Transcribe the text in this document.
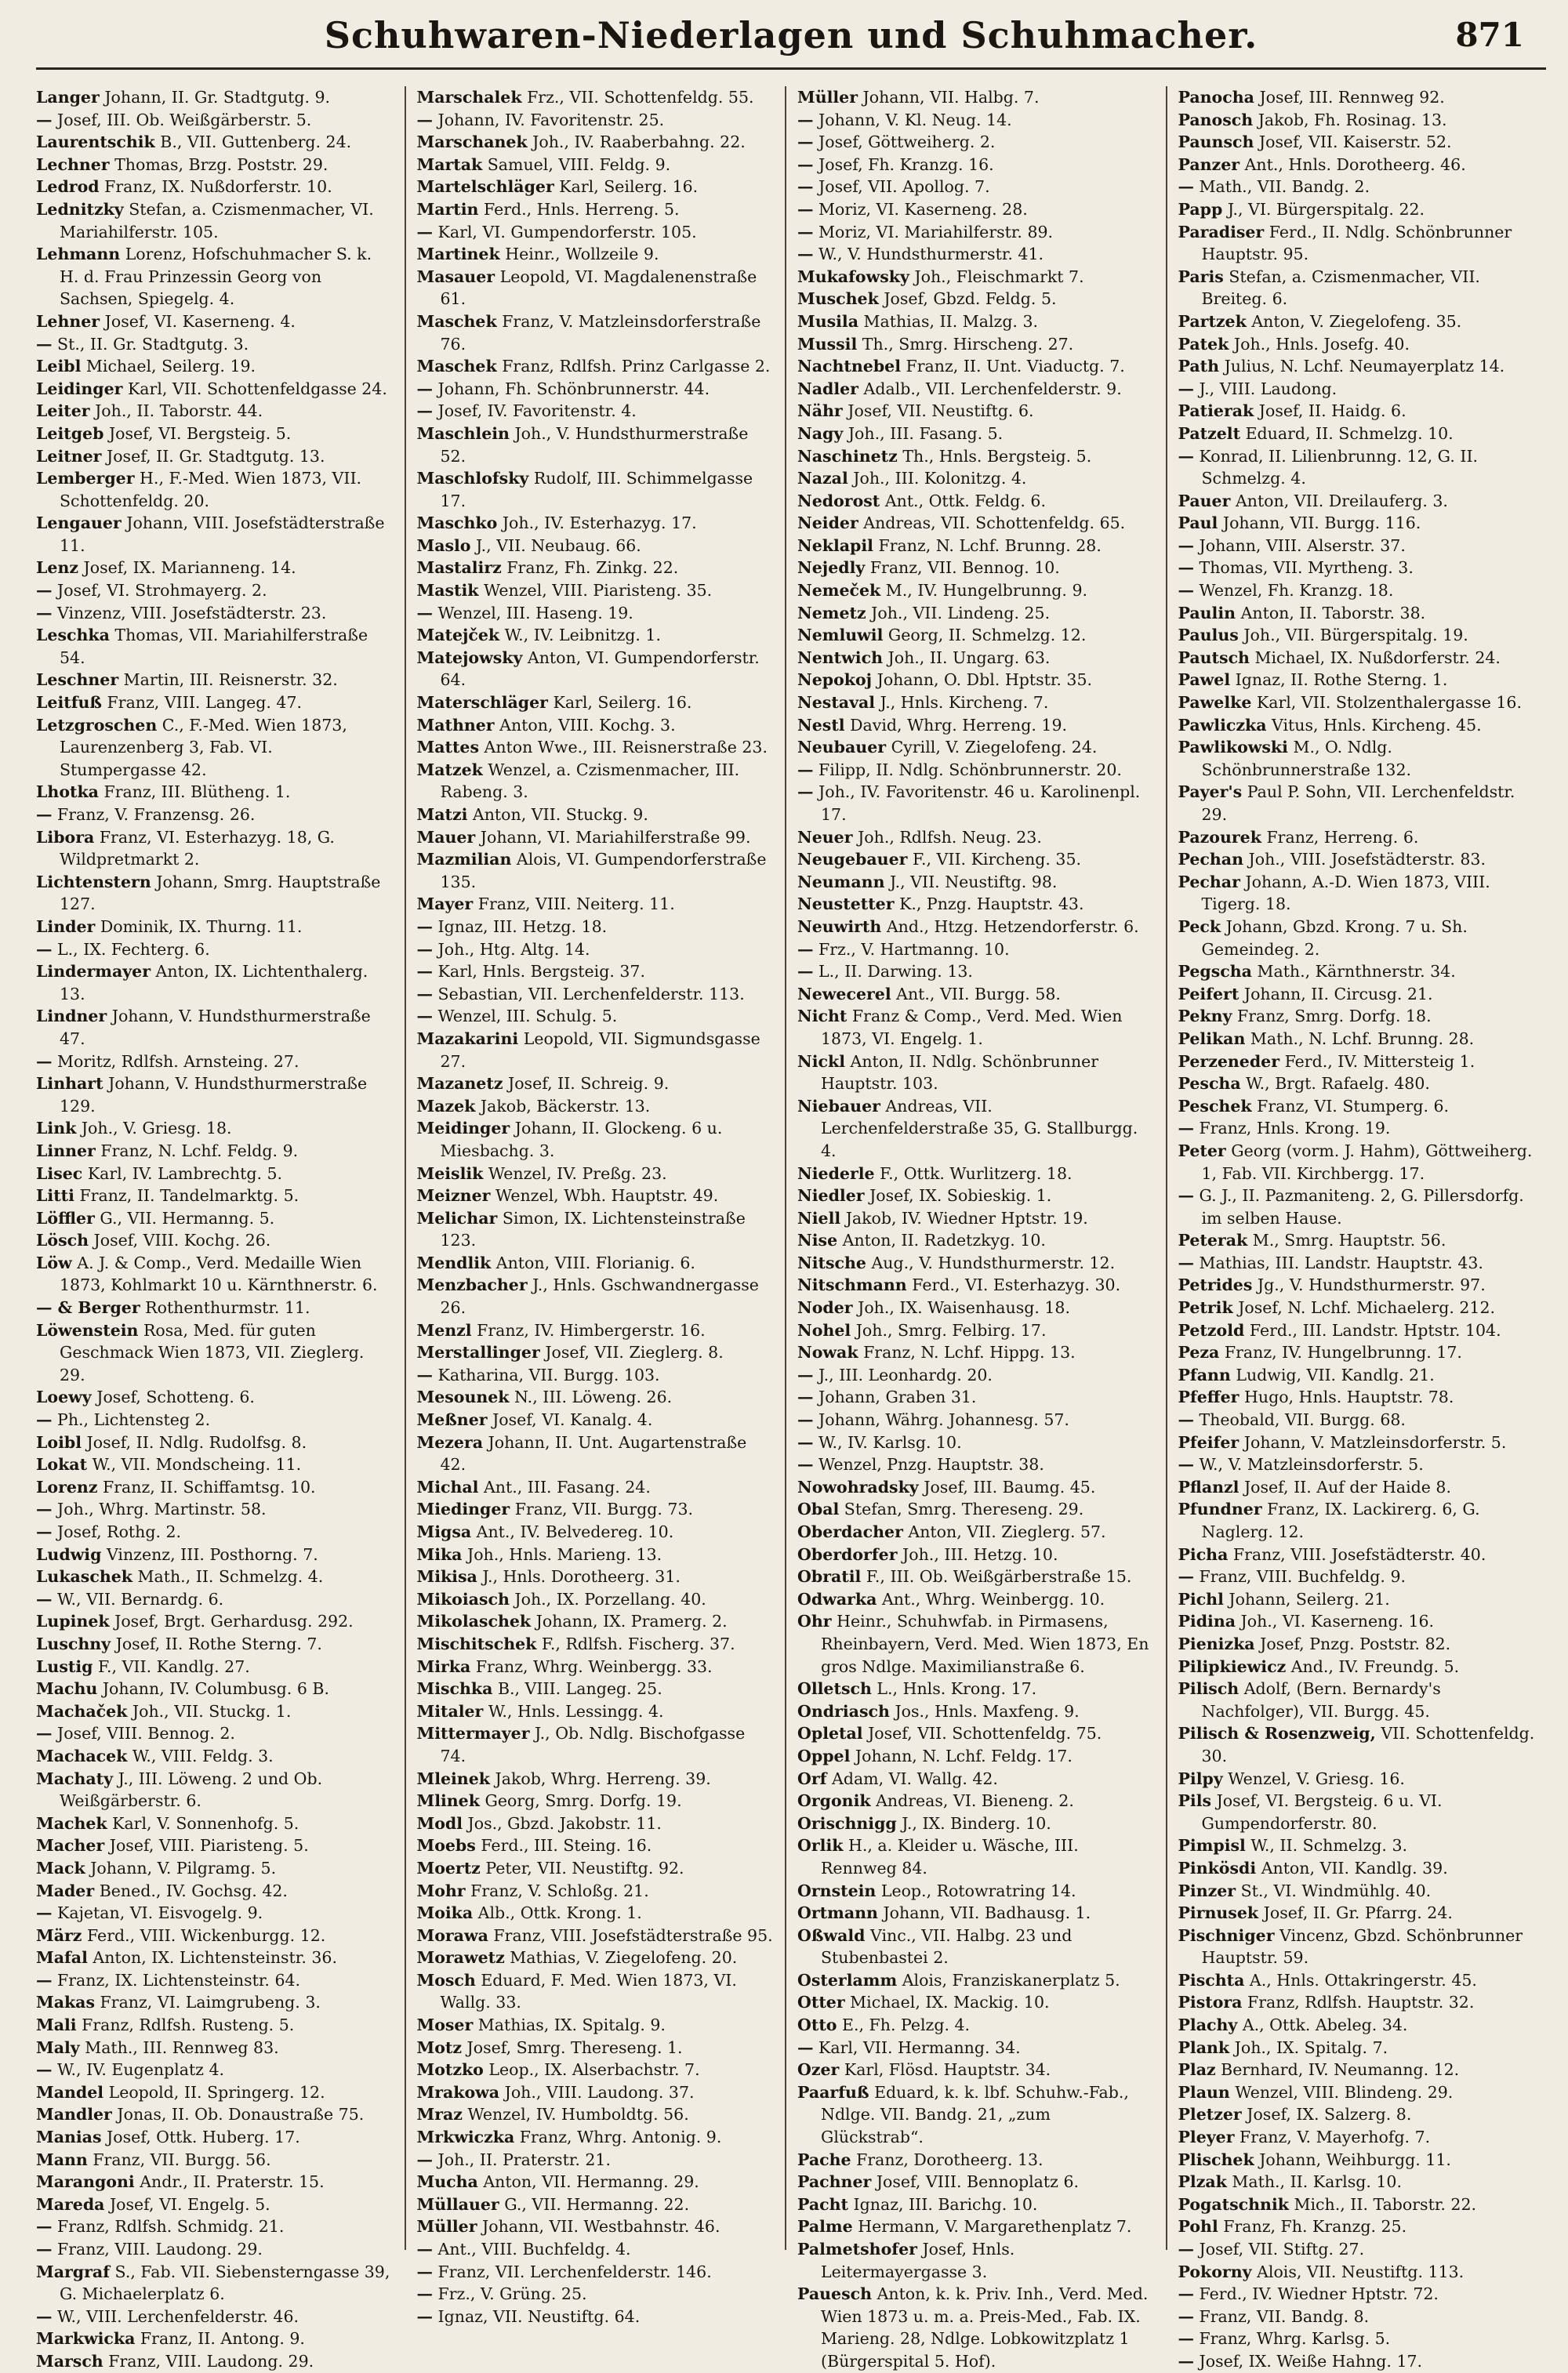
Schuhwaren-Niederlagen und Schuhmacher.	871
Langer Johann, II. Gr. Stadtgutg. 9.
— Josef, III. Ob. Weißgärberstr. 5.
Laurentschik B., VII. Guttenberg. 24.
Lechner Thomas, Brzg. Poststr. 29.
Ledrod Franz, IX. Nußdorferstr. 10.
Lednitzky Stefan, a. Czismenmacher, VI. Mariahilferstr. 105.
Lehmann Lorenz, Hofschuhmacher S. k. H. d. Frau Prinzessin Georg von Sachsen, Spiegelg. 4.
Lehner Josef, VI. Kaserneng. 4.
— St., II. Gr. Stadtgutg. 3.
Leibl Michael, Seilerg. 19.
Leidinger Karl, VII. Schottenfeldgasse 24.
Leiter Joh., II. Taborstr. 44.
Leitgeb Josef, VI. Bergsteig. 5.
Leitner Josef, II. Gr. Stadtgutg. 13.
Lemberger H., F.-Med. Wien 1873, VII. Schottenfeldg. 20.
Lengauer Johann, VIII. Josefstädterstraße 11.
Lenz Josef, IX. Marianneng. 14.
— Josef, VI. Strohmayerg. 2.
— Vinzenz, VIII. Josefstädterstr. 23.
Leschka Thomas, VII. Mariahilferstraße 54.
Leschner Martin, III. Reisnerstr. 32.
Leitfuß Franz, VIII. Langeg. 47.
Letzgroschen C., F.-Med. Wien 1873, Laurenzenberg 3, Fab. VI. Stumpergasse 42.
Lhotka Franz, III. Blütheng. 1.
— Franz, V. Franzensg. 26.
Libora Franz, VI. Esterhazyg. 18, G. Wildpretmarkt 2.
Lichtenstern Johann, Smrg. Hauptstraße 127.
Linder Dominik, IX. Thurng. 11.
— L., IX. Fechterg. 6.
Lindermayer Anton, IX. Lichtenthalerg. 13.
Lindner Johann, V. Hundsthurmerstraße 47.
— Moritz, Rdlfsh. Arnsteing. 27.
Linhart Johann, V. Hundsthurmerstraße 129.
Link Joh., V. Griesg. 18.
Linner Franz, N. Lchf. Feldg. 9.
Lisec Karl, IV. Lambrechtg. 5.
Litti Franz, II. Tandelmarktg. 5.
Löffler G., VII. Hermanng. 5.
Lösch Josef, VIII. Kochg. 26.
Löw A. J. & Comp., Verd. Medaille Wien 1873, Kohlmarkt 10 u. Kärnthnerstr. 6.
— & Berger Rothenthurmstr. 11.
Löwenstein Rosa, Med. für guten Geschmack Wien 1873, VII. Zieglerg. 29.
Loewy Josef, Schotteng. 6.
— Ph., Lichtensteg 2.
Loibl Josef, II. Ndlg. Rudolfsg. 8.
Lokat W., VII. Mondscheing. 11.
Lorenz Franz, II. Schiffamtsg. 10.
— Joh., Whrg. Martinstr. 58.
— Josef, Rothg. 2.
Ludwig Vinzenz, III. Posthorng. 7.
Lukaschek Math., II. Schmelzg. 4.
— W., VII. Bernardg. 6.
Lupinek Josef, Brgt. Gerhardusg. 292.
Luschny Josef, II. Rothe Sterng. 7.
Lustig F., VII. Kandlg. 27.
Machu Johann, IV. Columbusg. 6 B.
Machaček Joh., VII. Stuckg. 1.
— Josef, VIII. Bennog. 2.
Machacek W., VIII. Feldg. 3.
Machaty J., III. Löweng. 2 und Ob. Weißgärberstr. 6.
Machek Karl, V. Sonnenhofg. 5.
Macher Josef, VIII. Piaristeng. 5.
Mack Johann, V. Pilgramg. 5.
Mader Bened., IV. Gochsg. 42.
— Kajetan, VI. Eisvogelg. 9.
März Ferd., VIII. Wickenburgg. 12.
Mafal Anton, IX. Lichtensteinstr. 36.
— Franz, IX. Lichtensteinstr. 64.
Makas Franz, VI. Laimgrubeng. 3.
Mali Franz, Rdlfsh. Rusteng. 5.
Maly Math., III. Rennweg 83.
— W., IV. Eugenplatz 4.
Mandel Leopold, II. Springerg. 12.
Mandler Jonas, II. Ob. Donaustraße 75.
Manias Josef, Ottk. Huberg. 17.
Mann Franz, VII. Burgg. 56.
Marangoni Andr., II. Praterstr. 15.
Mareda Josef, VI. Engelg. 5.
— Franz, Rdlfsh. Schmidg. 21.
— Franz, VIII. Laudong. 29.
Margraf S., Fab. VII. Siebensterngasse 39, G. Michaelerplatz 6.
— W., VIII. Lerchenfelderstr. 46.
Markwicka Franz, II. Antong. 9.
Marsch Franz, VIII. Laudong. 29.
Marschalek Frz., VII. Schottenfeldg. 55.
— Johann, IV. Favoritenstr. 25.
Marschanek Joh., IV. Raaberbahng. 22.
Martak Samuel, VIII. Feldg. 9.
Martelschläger Karl, Seilerg. 16.
Martin Ferd., Hnls. Herreng. 5.
— Karl, VI. Gumpendorferstr. 105.
Martinek Heinr., Wollzeile 9.
Masauer Leopold, VI. Magdalenenstraße 61.
Maschek Franz, V. Matzleinsdorferstraße 76.
Maschek Franz, Rdlfsh. Prinz Carlgasse 2.
— Johann, Fh. Schönbrunnerstr. 44.
— Josef, IV. Favoritenstr. 4.
Maschlein Joh., V. Hundsthurmerstraße 52.
Maschlofsky Rudolf, III. Schimmelgasse 17.
Maschko Joh., IV. Esterhazyg. 17.
Maslo J., VII. Neubaug. 66.
Mastalirz Franz, Fh. Zinkg. 22.
Mastik Wenzel, VIII. Piaristeng. 35.
— Wenzel, III. Haseng. 19.
Matejček W., IV. Leibnitzg. 1.
Matejowsky Anton, VI. Gumpendorferstr. 64.
Materschläger Karl, Seilerg. 16.
Mathner Anton, VIII. Kochg. 3.
Mattes Anton Wwe., III. Reisnerstraße 23.
Matzek Wenzel, a. Czismenmacher, III. Rabeng. 3.
Matzi Anton, VII. Stuckg. 9.
Mauer Johann, VI. Mariahilferstraße 99.
Mazmilian Alois, VI. Gumpendorferstraße 135.
Mayer Franz, VIII. Neiterg. 11.
— Ignaz, III. Hetzg. 18.
— Joh., Htg. Altg. 14.
— Karl, Hnls. Bergsteig. 37.
— Sebastian, VII. Lerchenfelderstr. 113.
— Wenzel, III. Schulg. 5.
Mazakarini Leopold, VII. Sigmundsgasse 27.
Mazanetz Josef, II. Schreig. 9.
Mazek Jakob, Bäckerstr. 13.
Meidinger Johann, II. Glockeng. 6 u. Miesbachg. 3.
Meislik Wenzel, IV. Preßg. 23.
Meizner Wenzel, Wbh. Hauptstr. 49.
Melichar Simon, IX. Lichtensteinstraße 123.
Mendlik Anton, VIII. Florianig. 6.
Menzbacher J., Hnls. Gschwandnergasse 26.
Menzl Franz, IV. Himbergerstr. 16.
Merstallinger Josef, VII. Zieglerg. 8.
— Katharina, VII. Burgg. 103.
Mesounek N., III. Löweng. 26.
Meßner Josef, VI. Kanalg. 4.
Mezera Johann, II. Unt. Augartenstraße 42.
Michal Ant., III. Fasang. 24.
Miedinger Franz, VII. Burgg. 73.
Migsa Ant., IV. Belvedereg. 10.
Mika Joh., Hnls. Marieng. 13.
Mikisa J., Hnls. Dorotheerg. 31.
Mikoiasch Joh., IX. Porzellang. 40.
Mikolaschek Johann, IX. Pramerg. 2.
Mischitschek F., Rdlfsh. Fischerg. 37.
Mirka Franz, Whrg. Weinbergg. 33.
Mischka B., VIII. Langeg. 25.
Mitaler W., Hnls. Lessingg. 4.
Mittermayer J., Ob. Ndlg. Bischofgasse 74.
Mleinek Jakob, Whrg. Herreng. 39.
Mlinek Georg, Smrg. Dorfg. 19.
Modl Jos., Gbzd. Jakobstr. 11.
Moebs Ferd., III. Steing. 16.
Moertz Peter, VII. Neustiftg. 92.
Mohr Franz, V. Schloßg. 21.
Moika Alb., Ottk. Krong. 1.
Morawa Franz, VIII. Josefstädterstraße 95.
Morawetz Mathias, V. Ziegelofeng. 20.
Mosch Eduard, F. Med. Wien 1873, VI. Wallg. 33.
Moser Mathias, IX. Spitalg. 9.
Motz Josef, Smrg. Thereseng. 1.
Motzko Leop., IX. Alserbachstr. 7.
Mrakowa Joh., VIII. Laudong. 37.
Mraz Wenzel, IV. Humboldtg. 56.
Mrkwiczka Franz, Whrg. Antonig. 9.
— Joh., II. Praterstr. 21.
Mucha Anton, VII. Hermanng. 29.
Müllauer G., VII. Hermanng. 22.
Müller Johann, VII. Westbahnstr. 46.
— Ant., VIII. Buchfeldg. 4.
— Franz, VII. Lerchenfelderstr. 146.
— Frz., V. Grüng. 25.
— Ignaz, VII. Neustiftg. 64.
Müller Johann, VII. Halbg. 7.
— Johann, V. Kl. Neug. 14.
— Josef, Göttweiherg. 2.
— Josef, Fh. Kranzg. 16.
— Josef, VII. Apollog. 7.
— Moriz, VI. Kaserneng. 28.
— Moriz, VI. Mariahilferstr. 89.
— W., V. Hundsthurmerstr. 41.
Mukafowsky Joh., Fleischmarkt 7.
Muschek Josef, Gbzd. Feldg. 5.
Musila Mathias, II. Malzg. 3.
Mussil Th., Smrg. Hirscheng. 27.
Nachtnebel Franz, II. Unt. Viaductg. 7.
Nadler Adalb., VII. Lerchenfelderstr. 9.
Nähr Josef, VII. Neustiftg. 6.
Nagy Joh., III. Fasang. 5.
Naschinetz Th., Hnls. Bergsteig. 5.
Nazal Joh., III. Kolonitzg. 4.
Nedorost Ant., Ottk. Feldg. 6.
Neider Andreas, VII. Schottenfeldg. 65.
Neklapil Franz, N. Lchf. Brunng. 28.
Nejedly Franz, VII. Bennog. 10.
Nemeček M., IV. Hungelbrunng. 9.
Nemetz Joh., VII. Lindeng. 25.
Nemluwil Georg, II. Schmelzg. 12.
Nentwich Joh., II. Ungarg. 63.
Nepokoj Johann, O. Dbl. Hptstr. 35.
Nestaval J., Hnls. Kircheng. 7.
Nestl David, Whrg. Herreng. 19.
Neubauer Cyrill, V. Ziegelofeng. 24.
— Filipp, II. Ndlg. Schönbrunnerstr. 20.
— Joh., IV. Favoritenstr. 46 u. Karolinenpl. 17.
Neuer Joh., Rdlfsh. Neug. 23.
Neugebauer F., VII. Kircheng. 35.
Neumann J., VII. Neustiftg. 98.
Neustetter K., Pnzg. Hauptstr. 43.
Neuwirth And., Htzg. Hetzendorferstr. 6.
— Frz., V. Hartmanng. 10.
— L., II. Darwing. 13.
Newecerel Ant., VII. Burgg. 58.
Nicht Franz & Comp., Verd. Med. Wien 1873, VI. Engelg. 1.
Nickl Anton, II. Ndlg. Schönbrunner Hauptstr. 103.
Niebauer Andreas, VII. Lerchenfelderstraße 35, G. Stallburgg. 4.
Niederle F., Ottk. Wurlitzerg. 18.
Niedler Josef, IX. Sobieskig. 1.
Niell Jakob, IV. Wiedner Hptstr. 19.
Nise Anton, II. Radetzkyg. 10.
Nitsche Aug., V. Hundsthurmerstr. 12.
Nitschmann Ferd., VI. Esterhazyg. 30.
Noder Joh., IX. Waisenhausg. 18.
Nohel Joh., Smrg. Felbirg. 17.
Nowak Franz, N. Lchf. Hippg. 13.
— J., III. Leonhardg. 20.
— Johann, Graben 31.
— Johann, Währg. Johannesg. 57.
— W., IV. Karlsg. 10.
— Wenzel, Pnzg. Hauptstr. 38.
Nowohradsky Josef, III. Baumg. 45.
Obal Stefan, Smrg. Thereseng. 29.
Oberdacher Anton, VII. Zieglerg. 57.
Oberdorfer Joh., III. Hetzg. 10.
Obratil F., III. Ob. Weißgärberstraße 15.
Odwarka Ant., Whrg. Weinbergg. 10.
Ohr Heinr., Schuhwfab. in Pirmasens, Rheinbayern, Verd. Med. Wien 1873, En gros Ndlge. Maximilianstraße 6.
Olletsch L., Hnls. Krong. 17.
Ondriasch Jos., Hnls. Maxfeng. 9.
Opletal Josef, VII. Schottenfeldg. 75.
Oppel Johann, N. Lchf. Feldg. 17.
Orf Adam, VI. Wallg. 42.
Orgonik Andreas, VI. Bieneng. 2.
Orischnigg J., IX. Binderg. 10.
Orlik H., a. Kleider u. Wäsche, III. Rennweg 84.
Ornstein Leop., Rotowratring 14.
Ortmann Johann, VII. Badhausg. 1.
Oßwald Vinc., VII. Halbg. 23 und Stubenbastei 2.
Osterlamm Alois, Franziskanerplatz 5.
Otter Michael, IX. Mackig. 10.
Otto E., Fh. Pelzg. 4.
— Karl, VII. Hermanng. 34.
Ozer Karl, Flösd. Hauptstr. 34.
Paarfuß Eduard, k. k. lbf. Schuhw.-Fab., Ndlge. VII. Bandg. 21, „zum Glückstrab“.
Pache Franz, Dorotheerg. 13.
Pachner Josef, VIII. Bennoplatz 6.
Pacht Ignaz, III. Barichg. 10.
Palme Hermann, V. Margarethenplatz 7.
Palmetshofer Josef, Hnls. Leitermayergasse 3.
Pauesch Anton, k. k. Priv. Inh., Verd. Med. Wien 1873 u. m. a. Preis-Med., Fab. IX. Marieng. 28, Ndlge. Lobkowitzplatz 1 (Bürgerspital 5. Hof).
Panocha Josef, III. Rennweg 92.
Panosch Jakob, Fh. Rosinag. 13.
Paunsch Josef, VII. Kaiserstr. 52.
Panzer Ant., Hnls. Dorotheerg. 46.
— Math., VII. Bandg. 2.
Papp J., VI. Bürgerspitalg. 22.
Paradiser Ferd., II. Ndlg. Schönbrunner Hauptstr. 95.
Paris Stefan, a. Czismenmacher, VII. Breiteg. 6.
Partzek Anton, V. Ziegelofeng. 35.
Patek Joh., Hnls. Josefg. 40.
Path Julius, N. Lchf. Neumayerplatz 14.
— J., VIII. Laudong.
Patierak Josef, II. Haidg. 6.
Patzelt Eduard, II. Schmelzg. 10.
— Konrad, II. Lilienbrunng. 12, G. II. Schmelzg. 4.
Pauer Anton, VII. Dreilauferg. 3.
Paul Johann, VII. Burgg. 116.
— Johann, VIII. Alserstr. 37.
— Thomas, VII. Myrtheng. 3.
— Wenzel, Fh. Kranzg. 18.
Paulin Anton, II. Taborstr. 38.
Paulus Joh., VII. Bürgerspitalg. 19.
Pautsch Michael, IX. Nußdorferstr. 24.
Pawel Ignaz, II. Rothe Sterng. 1.
Pawelke Karl, VII. Stolzenthalergasse 16.
Pawliczka Vitus, Hnls. Kircheng. 45.
Pawlikowski M., O. Ndlg. Schönbrunnerstraße 132.
Payer's Paul P. Sohn, VII. Lerchenfeldstr. 29.
Pazourek Franz, Herreng. 6.
Pechan Joh., VIII. Josefstädterstr. 83.
Pechar Johann, A.-D. Wien 1873, VIII. Tigerg. 18.
Peck Johann, Gbzd. Krong. 7 u. Sh. Gemeindeg. 2.
Pegscha Math., Kärnthnerstr. 34.
Peifert Johann, II. Circusg. 21.
Pekny Franz, Smrg. Dorfg. 18.
Pelikan Math., N. Lchf. Brunng. 28.
Perzeneder Ferd., IV. Mittersteig 1.
Pescha W., Brgt. Rafaelg. 480.
Peschek Franz, VI. Stumperg. 6.
— Franz, Hnls. Krong. 19.
Peter Georg (vorm. J. Hahm), Göttweiherg. 1, Fab. VII. Kirchbergg. 17.
— G. J., II. Pazmaniteng. 2, G. Pillersdorfg. im selben Hause.
Peterak M., Smrg. Hauptstr. 56.
— Mathias, III. Landstr. Hauptstr. 43.
Petrides Jg., V. Hundsthurmerstr. 97.
Petrik Josef, N. Lchf. Michaelerg. 212.
Petzold Ferd., III. Landstr. Hptstr. 104.
Peza Franz, IV. Hungelbrunng. 17.
Pfann Ludwig, VII. Kandlg. 21.
Pfeffer Hugo, Hnls. Hauptstr. 78.
— Theobald, VII. Burgg. 68.
Pfeifer Johann, V. Matzleinsdorferstr. 5.
— W., V. Matzleinsdorferstr. 5.
Pflanzl Josef, II. Auf der Haide 8.
Pfundner Franz, IX. Lackirerg. 6, G. Naglerg. 12.
Picha Franz, VIII. Josefstädterstr. 40.
— Franz, VIII. Buchfeldg. 9.
Pichl Johann, Seilerg. 21.
Pidina Joh., VI. Kaserneng. 16.
Pienizka Josef, Pnzg. Poststr. 82.
Pilipkiewicz And., IV. Freundg. 5.
Pilisch Adolf, (Bern. Bernardy's Nachfolger), VII. Burgg. 45.
Pilisch & Rosenzweig, VII. Schottenfeldg. 30.
Pilpy Wenzel, V. Griesg. 16.
Pils Josef, VI. Bergsteig. 6 u. VI. Gumpendorferstr. 80.
Pimpisl W., II. Schmelzg. 3.
Pinkösdi Anton, VII. Kandlg. 39.
Pinzer St., VI. Windmühlg. 40.
Pirnusek Josef, II. Gr. Pfarrg. 24.
Pischniger Vincenz, Gbzd. Schönbrunner Hauptstr. 59.
Pischta A., Hnls. Ottakringerstr. 45.
Pistora Franz, Rdlfsh. Hauptstr. 32.
Plachy A., Ottk. Abeleg. 34.
Plank Joh., IX. Spitalg. 7.
Plaz Bernhard, IV. Neumanng. 12.
Plaun Wenzel, VIII. Blindeng. 29.
Pletzer Josef, IX. Salzerg. 8.
Pleyer Franz, V. Mayerhofg. 7.
Plischek Johann, Weihburgg. 11.
Plzak Math., II. Karlsg. 10.
Pogatschnik Mich., II. Taborstr. 22.
Pohl Franz, Fh. Kranzg. 25.
— Josef, VII. Stiftg. 27.
Pokorny Alois, VII. Neustiftg. 113.
— Ferd., IV. Wiedner Hptstr. 72.
— Franz, VII. Bandg. 8.
— Franz, Whrg. Karlsg. 5.
— Josef, IX. Weiße Hahng. 17.
